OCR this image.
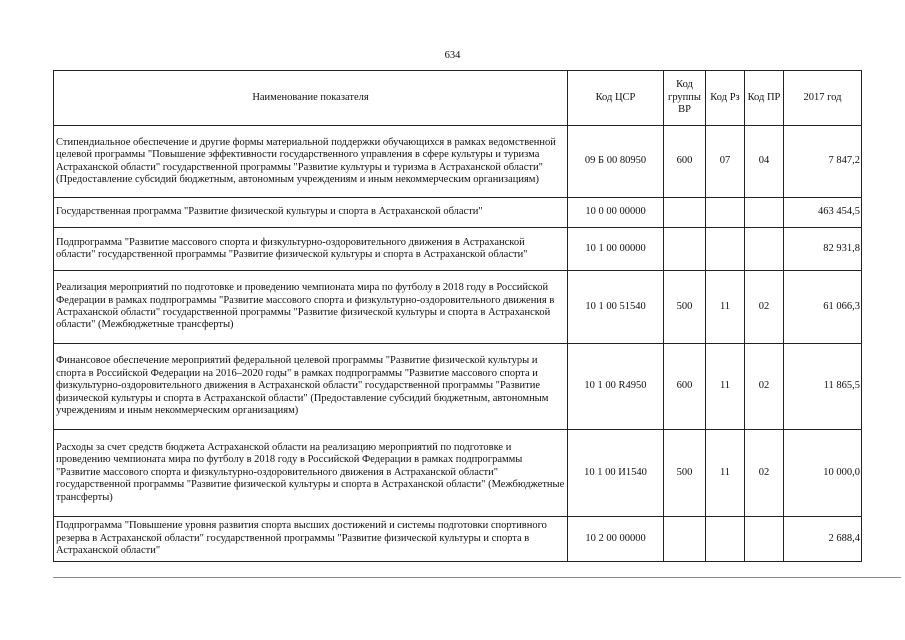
634
Наименование показателя	Код ЦСР	Код группы ВР	Код Рз	Код ПР	2017 год
Стипендиальное обеспечение и другие формы материальной поддержки обучающихся в рамках ведомственной целевой программы "Повышение эффективности государственного управления в сфере культуры и туризма Астраханской области" государственной программы "Развитие культуры и туризма в Астраханской области" (Предоставление субсидий бюджетным, автономным учреждениям и иным некоммерческим организациям)	09 Б 00 80950	600	07	04	7 847,2
Государственная программа "Развитие физической культуры и спорта в Астраханской области"	10 0 00 00000				463 454,5
Подпрограмма "Развитие массового спорта и физкультурно-оздоровительного движения в Астраханской области" государственной программы "Развитие физической культуры и спорта в Астраханской области"	10 1 00 00000				82 931,8
Реализация мероприятий по подготовке и проведению чемпионата мира по футболу в 2018 году в Российской Федерации в рамках подпрограммы "Развитие массового спорта и физкультурно-оздоровительного движения в Астраханской области" государственной программы "Развитие физической культуры и спорта в Астраханской области" (Межбюджетные трансферты)	10 1 00 51540	500	11	02	61 066,3
Финансовое обеспечение мероприятий федеральной целевой программы "Развитие физической культуры и спорта в Российской Федерации на 2016–2020 годы" в рамках подпрограммы "Развитие массового спорта и физкультурно-оздоровительного движения в Астраханской области" государственной программы "Развитие физической культуры и спорта в Астраханской области" (Предоставление субсидий бюджетным, автономным учреждениям и иным некоммерческим организациям)	10 1 00 R4950	600	11	02	11 865,5
Расходы за счет средств бюджета Астраханской области на реализацию мероприятий по подготовке и проведению чемпионата мира по футболу в 2018 году в Российской Федерации в рамках подпрограммы "Развитие массового спорта и физкультурно-оздоровительного движения в Астраханской области" государственной программы "Развитие физической культуры и спорта в Астраханской области" (Межбюджетные трансферты)	10 1 00 И1540	500	11	02	10 000,0
Подпрограмма "Повышение уровня развития спорта высших достижений и системы подготовки спортивного резерва в Астраханской области" государственной программы "Развитие физической культуры и спорта в Астраханской области"	10 2 00 00000				2 688,4
